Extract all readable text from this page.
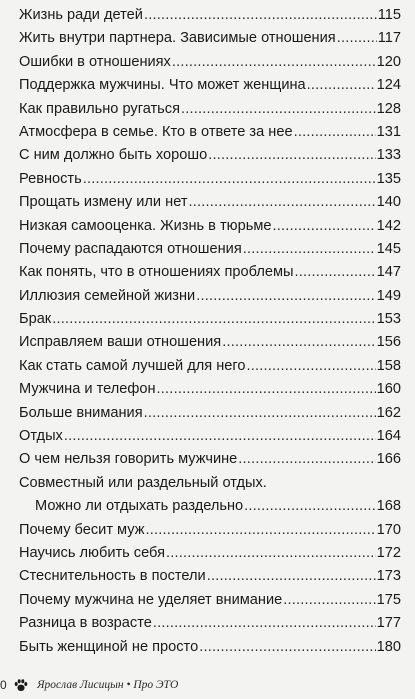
Жизнь ради детей .....	115
Жить внутри партнера. Зависимые отношения .....	117
Ошибки в отношениях .....	120
Поддержка мужчины. Что может женщина .....	124
Как правильно ругаться .....	128
Атмосфера в семье. Кто в ответе за нее .....	131
С ним должно быть хорошо .....	133
Ревность .....	135
Прощать измену или нет .....	140
Низкая самооценка. Жизнь в тюрьме .....	142
Почему распадаются отношения .....	145
Как понять, что в отношениях проблемы .....	147
Иллюзия семейной жизни .....	149
Брак .....	153
Исправляем ваши отношения .....	156
Как стать самой лучшей для него .....	158
Мужчина и телефон .....	160
Больше внимания .....	162
Отдых .....	164
О чем нельзя говорить мужчине .....	166
Совместный или раздельный отдых.
Можно ли отдыхать раздельно .....	168
Почему бесит муж .....	170
Научись любить себя .....	172
Стеснительность в постели .....	173
Почему мужчина не уделяет внимание .....	175
Разница в возрасте .....	177
Быть женщиной не просто .....	180
0	Ярослав Лисицын • Про ЭТО
